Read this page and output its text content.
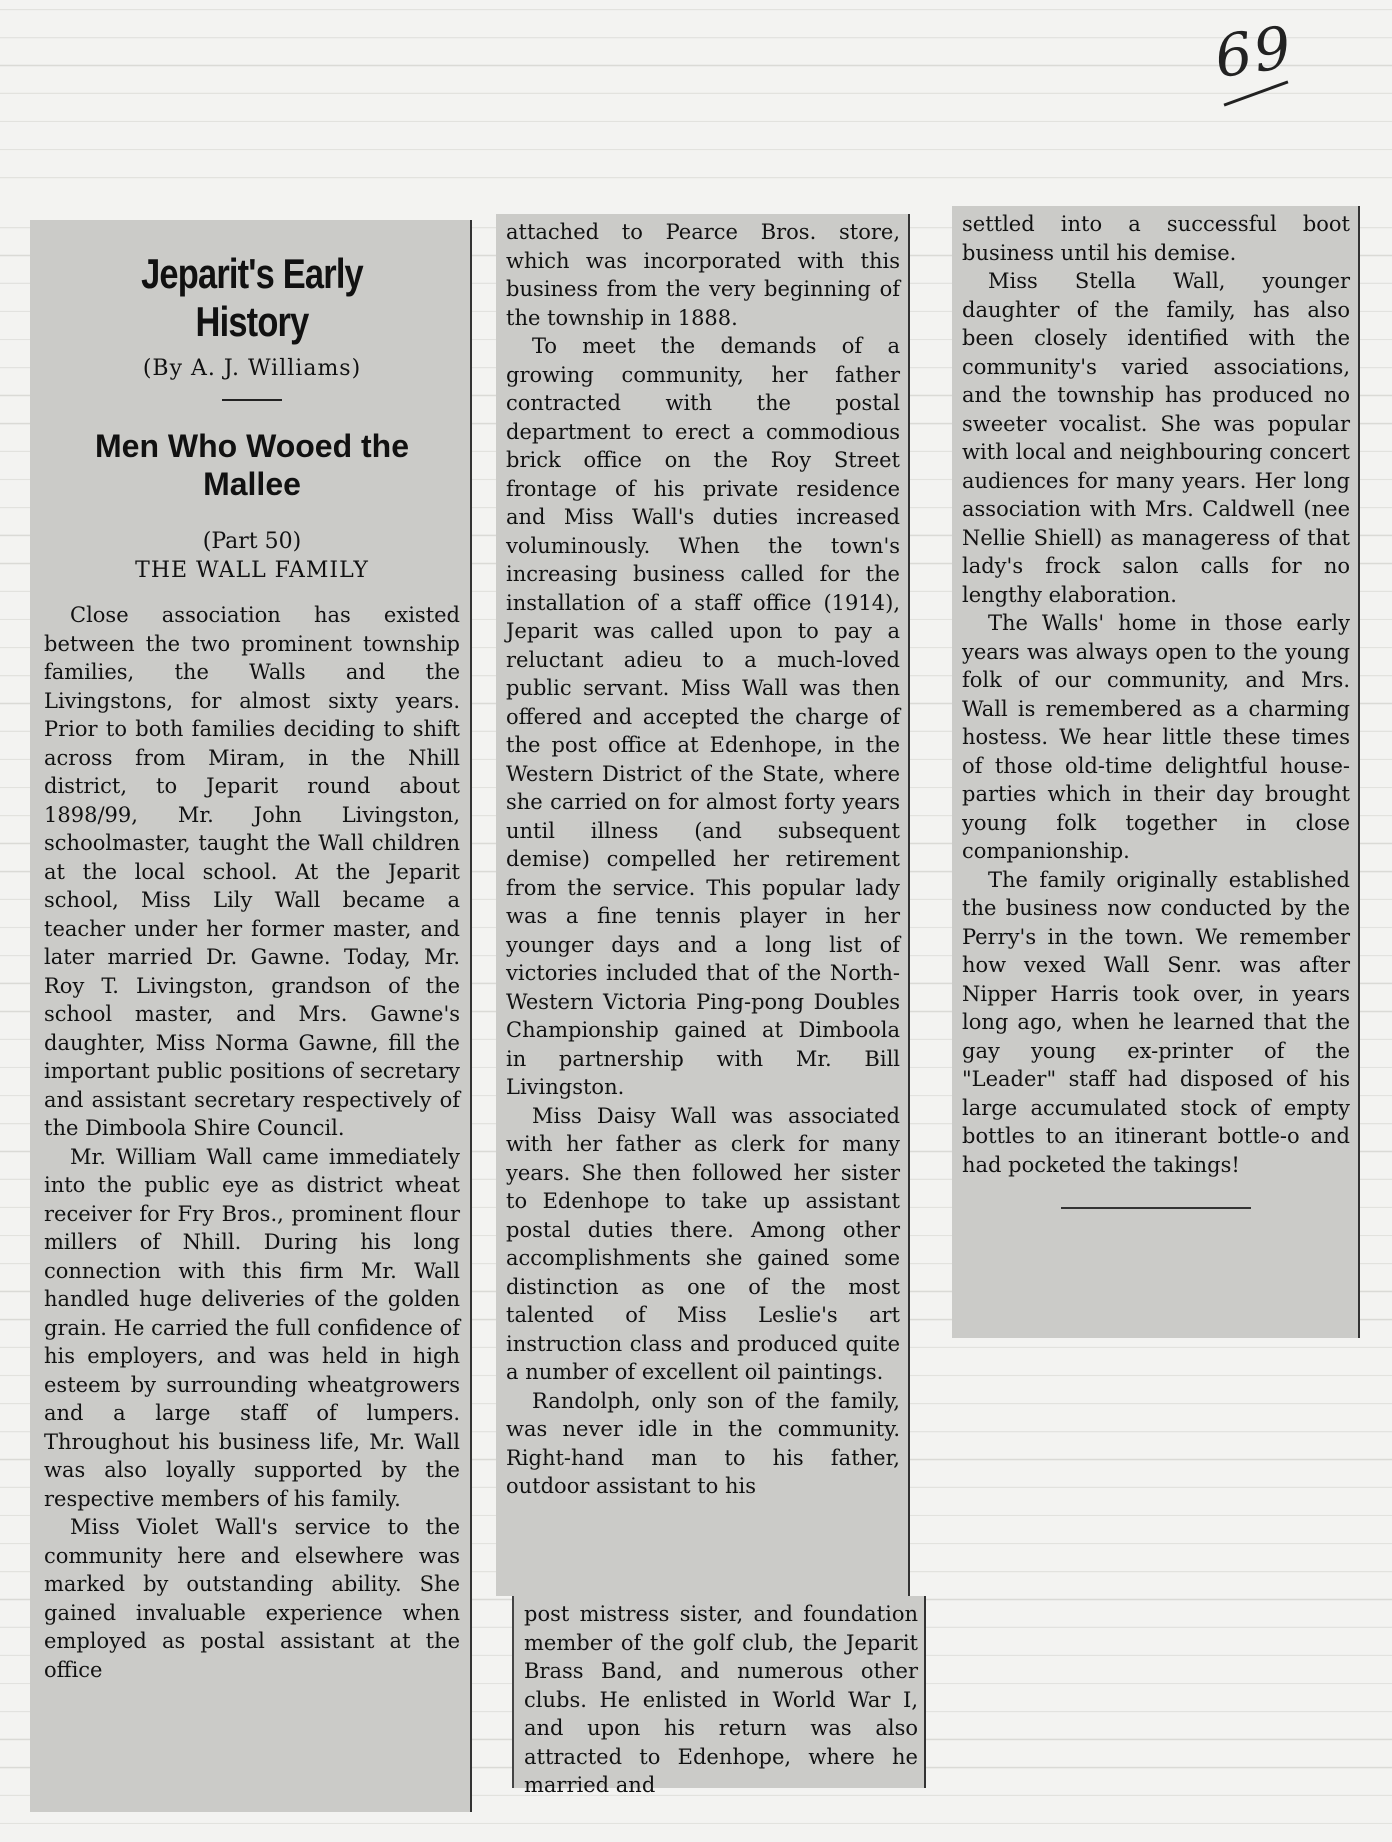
69
Jeparit's Early History
(By A. J. Williams)
Men Who Wooed the Mallee
(Part 50)
THE WALL FAMILY

Close association has existed between the two prominent township families, the Walls and the Livingstons, for almost sixty years. Prior to both families deciding to shift across from Miram, in the Nhill district, to Jeparit round about 1898/99, Mr. John Livingston, schoolmaster, taught the Wall children at the local school. At the Jeparit school, Miss Lily Wall became a teacher under her former master, and later married Dr. Gawne. Today, Mr. Roy T. Livingston, grandson of the school master, and Mrs. Gawne's daughter, Miss Norma Gawne, fill the important public positions of secretary and assistant secretary respectively of the Dimboola Shire Council.

Mr. William Wall came immediately into the public eye as district wheat receiver for Fry Bros., prominent flour millers of Nhill. During his long connection with this firm Mr. Wall handled huge deliveries of the golden grain. He carried the full confidence of his employers, and was held in high esteem by surrounding wheatgrowers and a large staff of lumpers. Throughout his business life, Mr. Wall was also loyally supported by the respective members of his family.

Miss Violet Wall's service to the community here and elsewhere was marked by outstanding ability. She gained invaluable experience when employed as postal assistant at the office

attached to Pearce Bros. store, which was incorporated with this business from the very beginning of the township in 1888.

To meet the demands of a growing community, her father contracted with the postal department to erect a commodious brick office on the Roy Street frontage of his private residence and Miss Wall's duties increased voluminously. When the town's increasing business called for the installation of a staff office (1914), Jeparit was called upon to pay a reluctant adieu to a much-loved public servant. Miss Wall was then offered and accepted the charge of the post office at Edenhope, in the Western District of the State, where she carried on for almost forty years until illness (and subsequent demise) compelled her retirement from the service. This popular lady was a fine tennis player in her younger days and a long list of victories included that of the North-Western Victoria Ping-pong Doubles Championship gained at Dimboola in partnership with Mr. Bill Livingston.

Miss Daisy Wall was associated with her father as clerk for many years. She then followed her sister to Edenhope to take up assistant postal duties there. Among other accomplishments she gained some distinction as one of the most talented of Miss Leslie's art instruction class and produced quite a number of excellent oil paintings.

Randolph, only son of the family, was never idle in the community. Right-hand man to his father, outdoor assistant to his

post mistress sister, and foundation member of the golf club, the Jeparit Brass Band, and numerous other clubs. He enlisted in World War I, and upon his return was also attracted to Edenhope, where he married and

settled into a successful boot business until his demise.

Miss Stella Wall, younger daughter of the family, has also been closely identified with the community's varied associations, and the township has produced no sweeter vocalist. She was popular with local and neighbouring concert audiences for many years. Her long association with Mrs. Caldwell (nee Nellie Shiell) as manageress of that lady's frock salon calls for no lengthy elaboration.

The Walls' home in those early years was always open to the young folk of our community, and Mrs. Wall is remembered as a charming hostess. We hear little these times of those old-time delightful house-parties which in their day brought young folk together in close companionship.

The family originally established the business now conducted by the Perry's in the town. We remember how vexed Wall Senr. was after Nipper Harris took over, in years long ago, when he learned that the gay young ex-printer of the "Leader" staff had disposed of his large accumulated stock of empty bottles to an itinerant bottle-o and had pocketed the takings!
